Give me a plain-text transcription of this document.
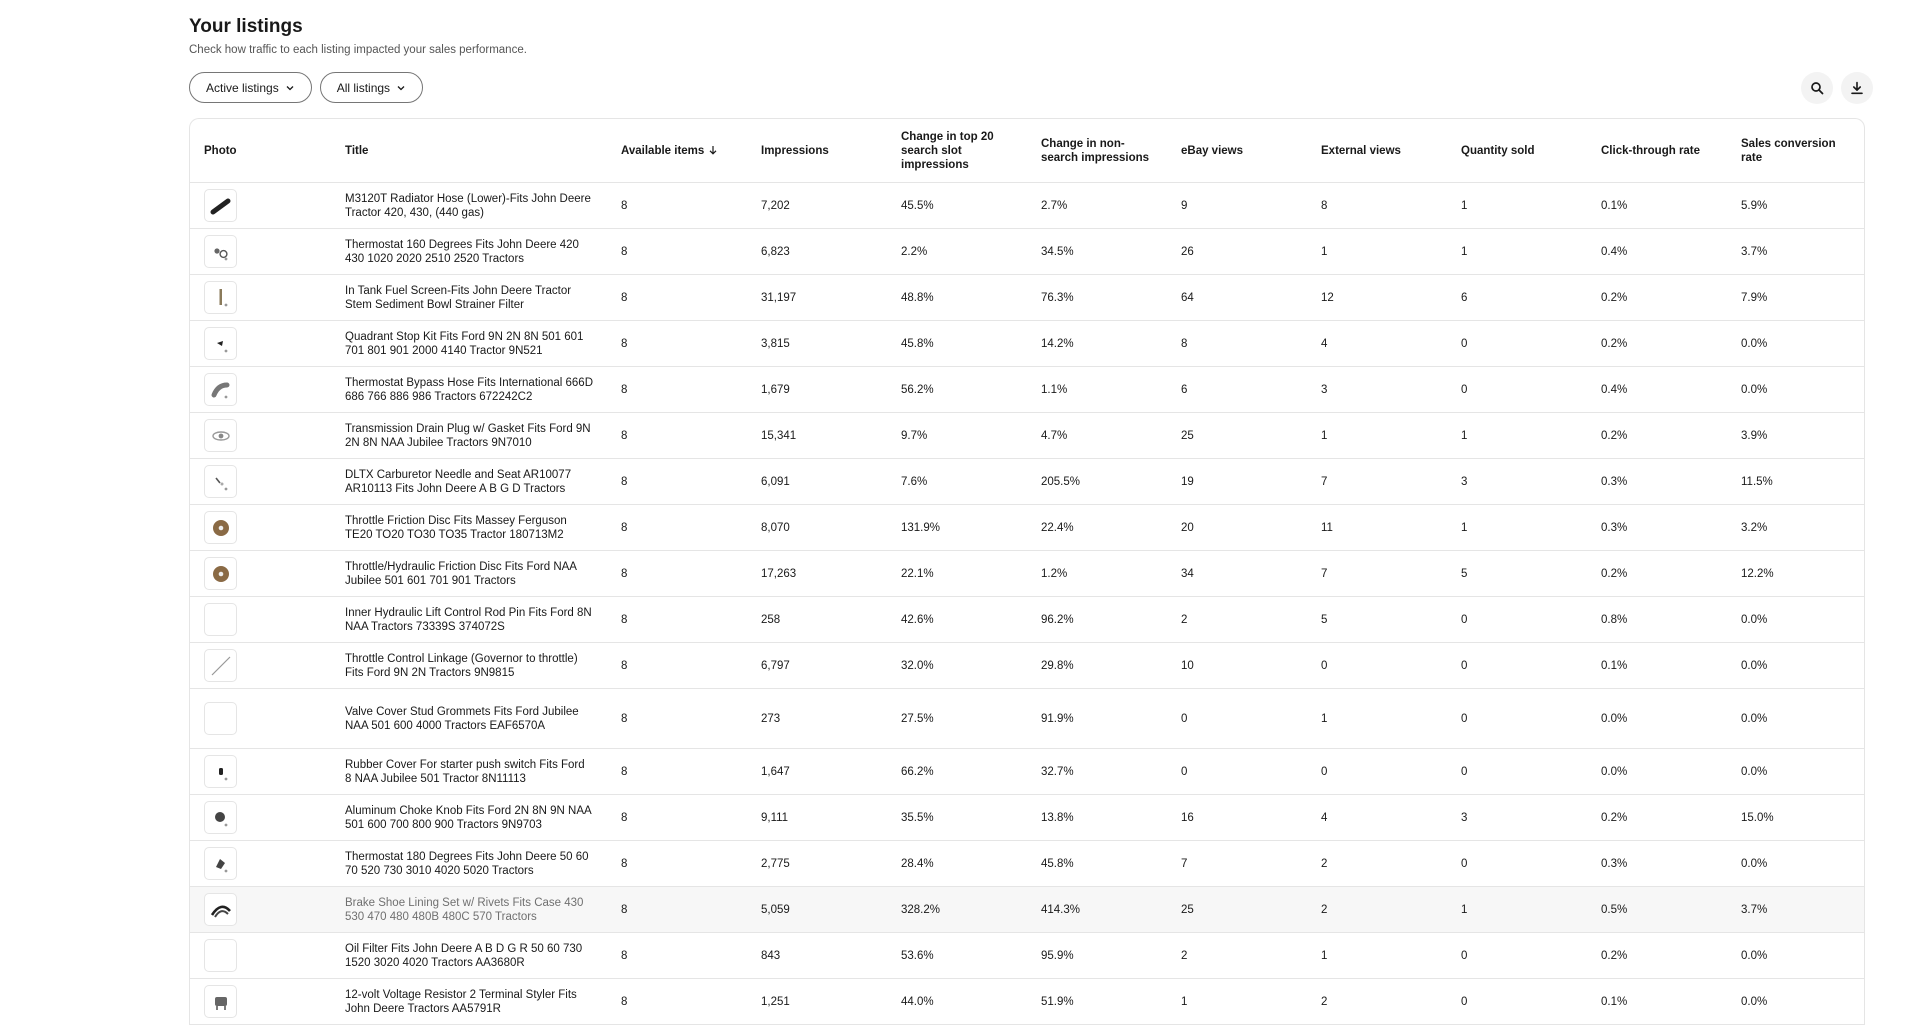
Your listings
Check how traffic to each listing impacted your sales performance.
Active listings	All listings
Photo	Title	Available items	Impressions	Change in top 20 search slot impressions	Change in non-search impressions	eBay views	External views	Quantity sold	Click-through rate	Sales conversion rate

	M3120T Radiator Hose (Lower)-Fits John Deere Tractor 420, 430, (440 gas)	8	7,202	45.5%	2.7%	9	8	1	0.1%	5.9%

	Thermostat 160 Degrees Fits John Deere 420 430 1020 2020 2510 2520 Tractors	8	6,823	2.2%	34.5%	26	1	1	0.4%	3.7%

	In Tank Fuel Screen-Fits John Deere Tractor Stem Sediment Bowl Strainer Filter	8	31,197	48.8%	76.3%	64	12	6	0.2%	7.9%

	Quadrant Stop Kit Fits Ford 9N 2N 8N 501 601 701 801 901 2000 4140 Tractor 9N521	8	3,815	45.8%	14.2%	8	4	0	0.2%	0.0%

	Thermostat Bypass Hose Fits International 666D 686 766 886 986 Tractors 672242C2	8	1,679	56.2%	1.1%	6	3	0	0.4%	0.0%

	Transmission Drain Plug w/ Gasket Fits Ford 9N 2N 8N NAA Jubilee Tractors 9N7010	8	15,341	9.7%	4.7%	25	1	1	0.2%	3.9%

	DLTX Carburetor Needle and Seat AR10077 AR10113 Fits John Deere A B G D Tractors	8	6,091	7.6%	205.5%	19	7	3	0.3%	11.5%

	Throttle Friction Disc Fits Massey Ferguson TE20 TO20 TO30 TO35 Tractor 180713M2	8	8,070	131.9%	22.4%	20	11	1	0.3%	3.2%

	Throttle/Hydraulic Friction Disc Fits Ford NAA Jubilee 501 601 701 901 Tractors	8	17,263	22.1%	1.2%	34	7	5	0.2%	12.2%

	Inner Hydraulic Lift Control Rod Pin Fits Ford 8N NAA Tractors 73339S 374072S	8	258	42.6%	96.2%	2	5	0	0.8%	0.0%

	Throttle Control Linkage (Governor to throttle) Fits Ford 9N 2N Tractors 9N9815	8	6,797	32.0%	29.8%	10	0	0	0.1%	0.0%

	Valve Cover Stud Grommets Fits Ford Jubilee NAA 501 600 4000 Tractors EAF6570A	8	273	27.5%	91.9%	0	1	0	0.0%	0.0%

	Rubber Cover For starter push switch Fits Ford 8 NAA Jubilee 501 Tractor 8N11113	8	1,647	66.2%	32.7%	0	0	0	0.0%	0.0%

	Aluminum Choke Knob Fits Ford 2N 8N 9N NAA 501 600 700 800 900 Tractors 9N9703	8	9,111	35.5%	13.8%	16	4	3	0.2%	15.0%

	Thermostat 180 Degrees Fits John Deere 50 60 70 520 730 3010 4020 5020 Tractors	8	2,775	28.4%	45.8%	7	2	0	0.3%	0.0%

	Brake Shoe Lining Set w/ Rivets Fits Case 430 530 470 480 480B 480C 570 Tractors	8	5,059	328.2%	414.3%	25	2	1	0.5%	3.7%

	Oil Filter Fits John Deere A B D G R 50 60 730 1520 3020 4020 Tractors AA3680R	8	843	53.6%	95.9%	2	1	0	0.2%	0.0%

	12-volt Voltage Resistor 2 Terminal Styler Fits John Deere Tractors AA5791R	8	1,251	44.0%	51.9%	1	2	0	0.1%	0.0%
